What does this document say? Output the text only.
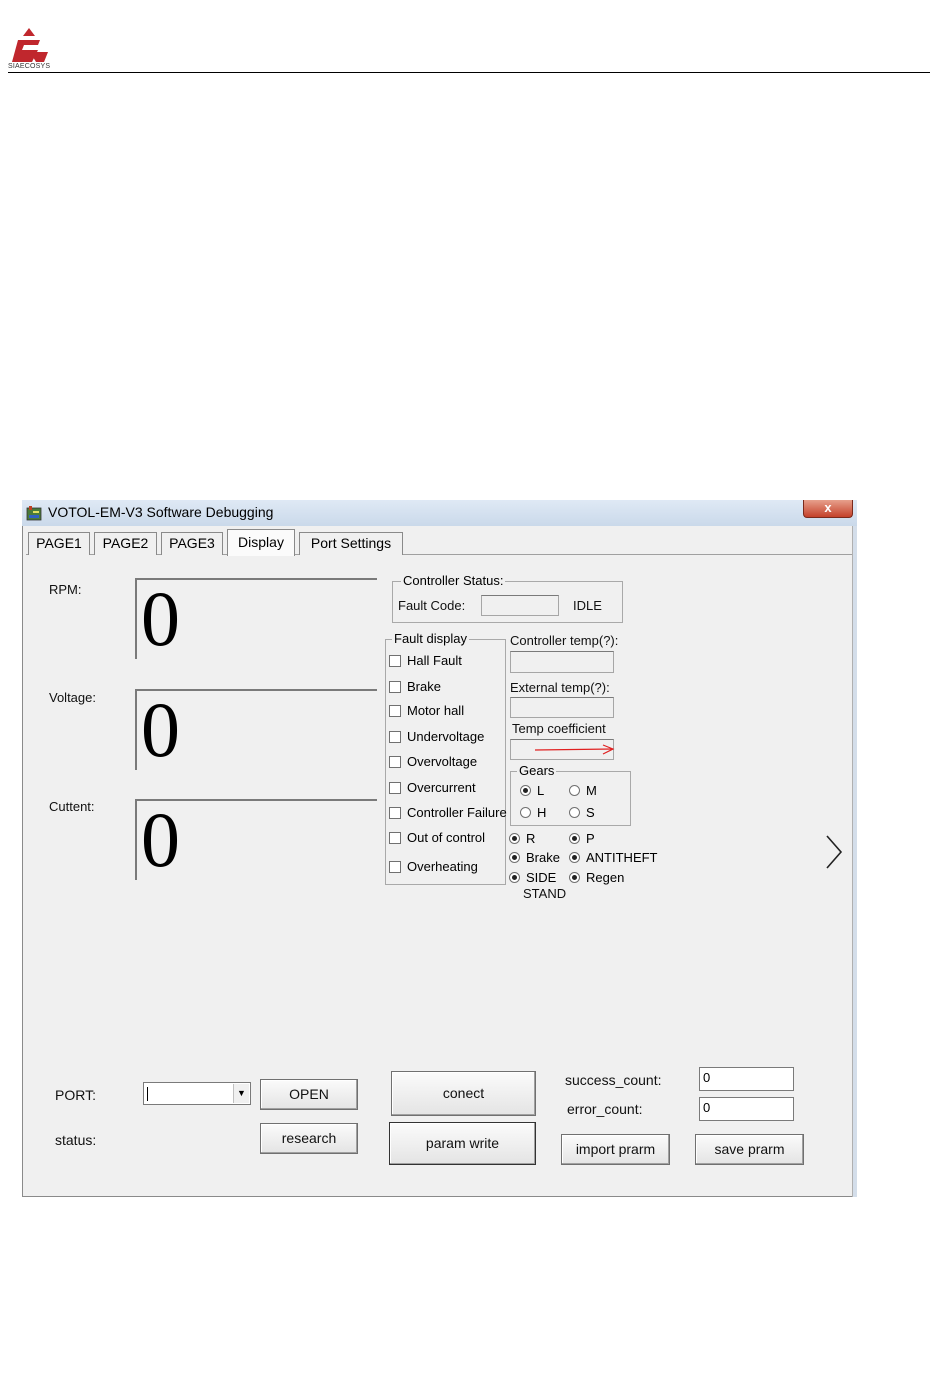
SIAECOSYS
VOTOL-EM-V3 Software Debugging	x
PAGE1	PAGE2	PAGE3	Display	Port Settings
RPM: 0
Voltage: 0
Cuttent: 0
Controller Status:
Fault Code:	IDLE
Fault display
Hall Fault
Brake
Motor hall
Undervoltage
Overvoltage
Overcurrent
Controller Failure
Out of control
Overheating
Controller temp(?):
External temp(?):
Temp coefficient
Gears
L	M
H	S
R	P
Brake ANTITHEFT
SIDE
STAND
Regen
PORT:	▼	OPEN
status:	research
conect
param write
success_count:	0
error_count:	0
import prarm	save prarm
